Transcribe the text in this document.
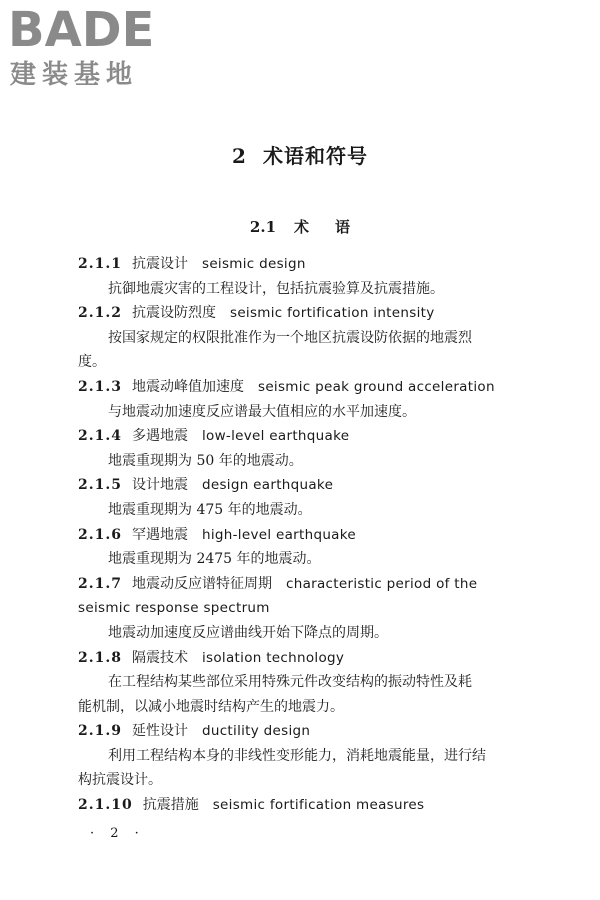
BADE
建装基地
2 术语和符号
2.1 术 语
2.1.1 抗震设计 seismic design
抗御地震灾害的工程设计，包括抗震验算及抗震措施。
2.1.2 抗震设防烈度 seismic fortification intensity
按国家规定的权限批准作为一个地区抗震设防依据的地震烈
度。
2.1.3 地震动峰值加速度 seismic peak ground acceleration
与地震动加速度反应谱最大值相应的水平加速度。
2.1.4 多遇地震 low-level earthquake
地震重现期为 50 年的地震动。
2.1.5 设计地震 design earthquake
地震重现期为 475 年的地震动。
2.1.6 罕遇地震 high-level earthquake
地震重现期为 2475 年的地震动。
2.1.7 地震动反应谱特征周期 characteristic period of the
seismic response spectrum
地震动加速度反应谱曲线开始下降点的周期。
2.1.8 隔震技术 isolation technology
在工程结构某些部位采用特殊元件改变结构的振动特性及耗
能机制，以减小地震时结构产生的地震力。
2.1.9 延性设计 ductility design
利用工程结构本身的非线性变形能力，消耗地震能量，进行结
构抗震设计。
2.1.10 抗震措施 seismic fortification measures
· 2 ·
